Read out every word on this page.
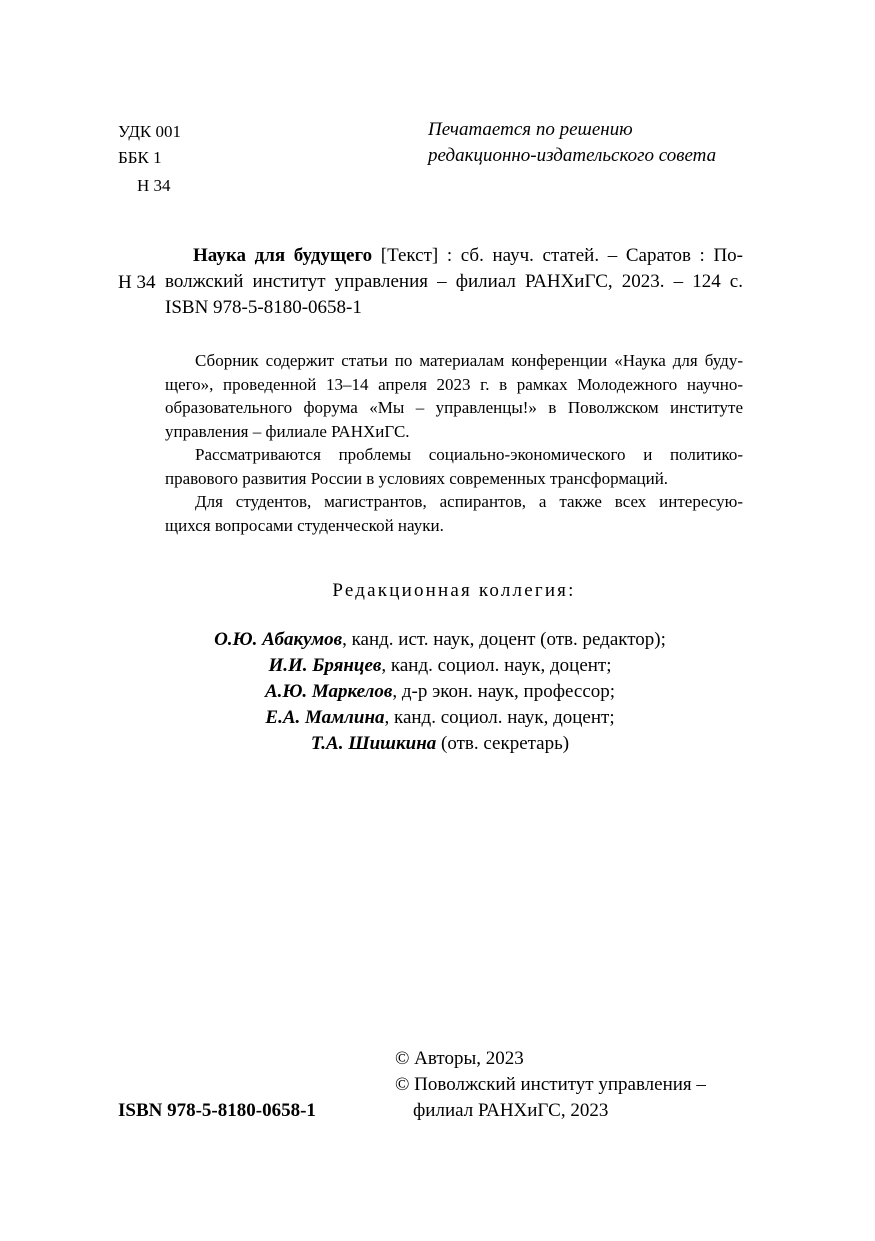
УДК 001
ББК 1
Н 34
Печатается по решению
редакционно-издательского совета
Н 34
Наука для будущего [Текст] : сб. науч. статей. – Саратов : По-
волжский институт управления – филиал РАНХиГС, 2023. – 124 с.
ISBN 978-5-8180-0658-1
Сборник содержит статьи по материалам конференции «Наука для буду-
щего», проведенной 13–14 апреля 2023 г. в рамках Молодежного научно-
образовательного форума «Мы – управленцы!» в Поволжском институте
управления – филиале РАНХиГС.
Рассматриваются проблемы социально-экономического и политико-
правового развития России в условиях современных трансформаций.
Для студентов, магистрантов, аспирантов, а также всех интересую-
щихся вопросами студенческой науки.
Редакционная коллегия:
О.Ю. Абакумов, канд. ист. наук, доцент (отв. редактор);
И.И. Брянцев, канд. социол. наук, доцент;
А.Ю. Маркелов, д-р экон. наук, профессор;
Е.А. Мамлина, канд. социол. наук, доцент;
Т.А. Шишкина (отв. секретарь)
ISBN 978-5-8180-0658-1
© Авторы, 2023
© Поволжский институт управления –
филиал РАНХиГС, 2023
